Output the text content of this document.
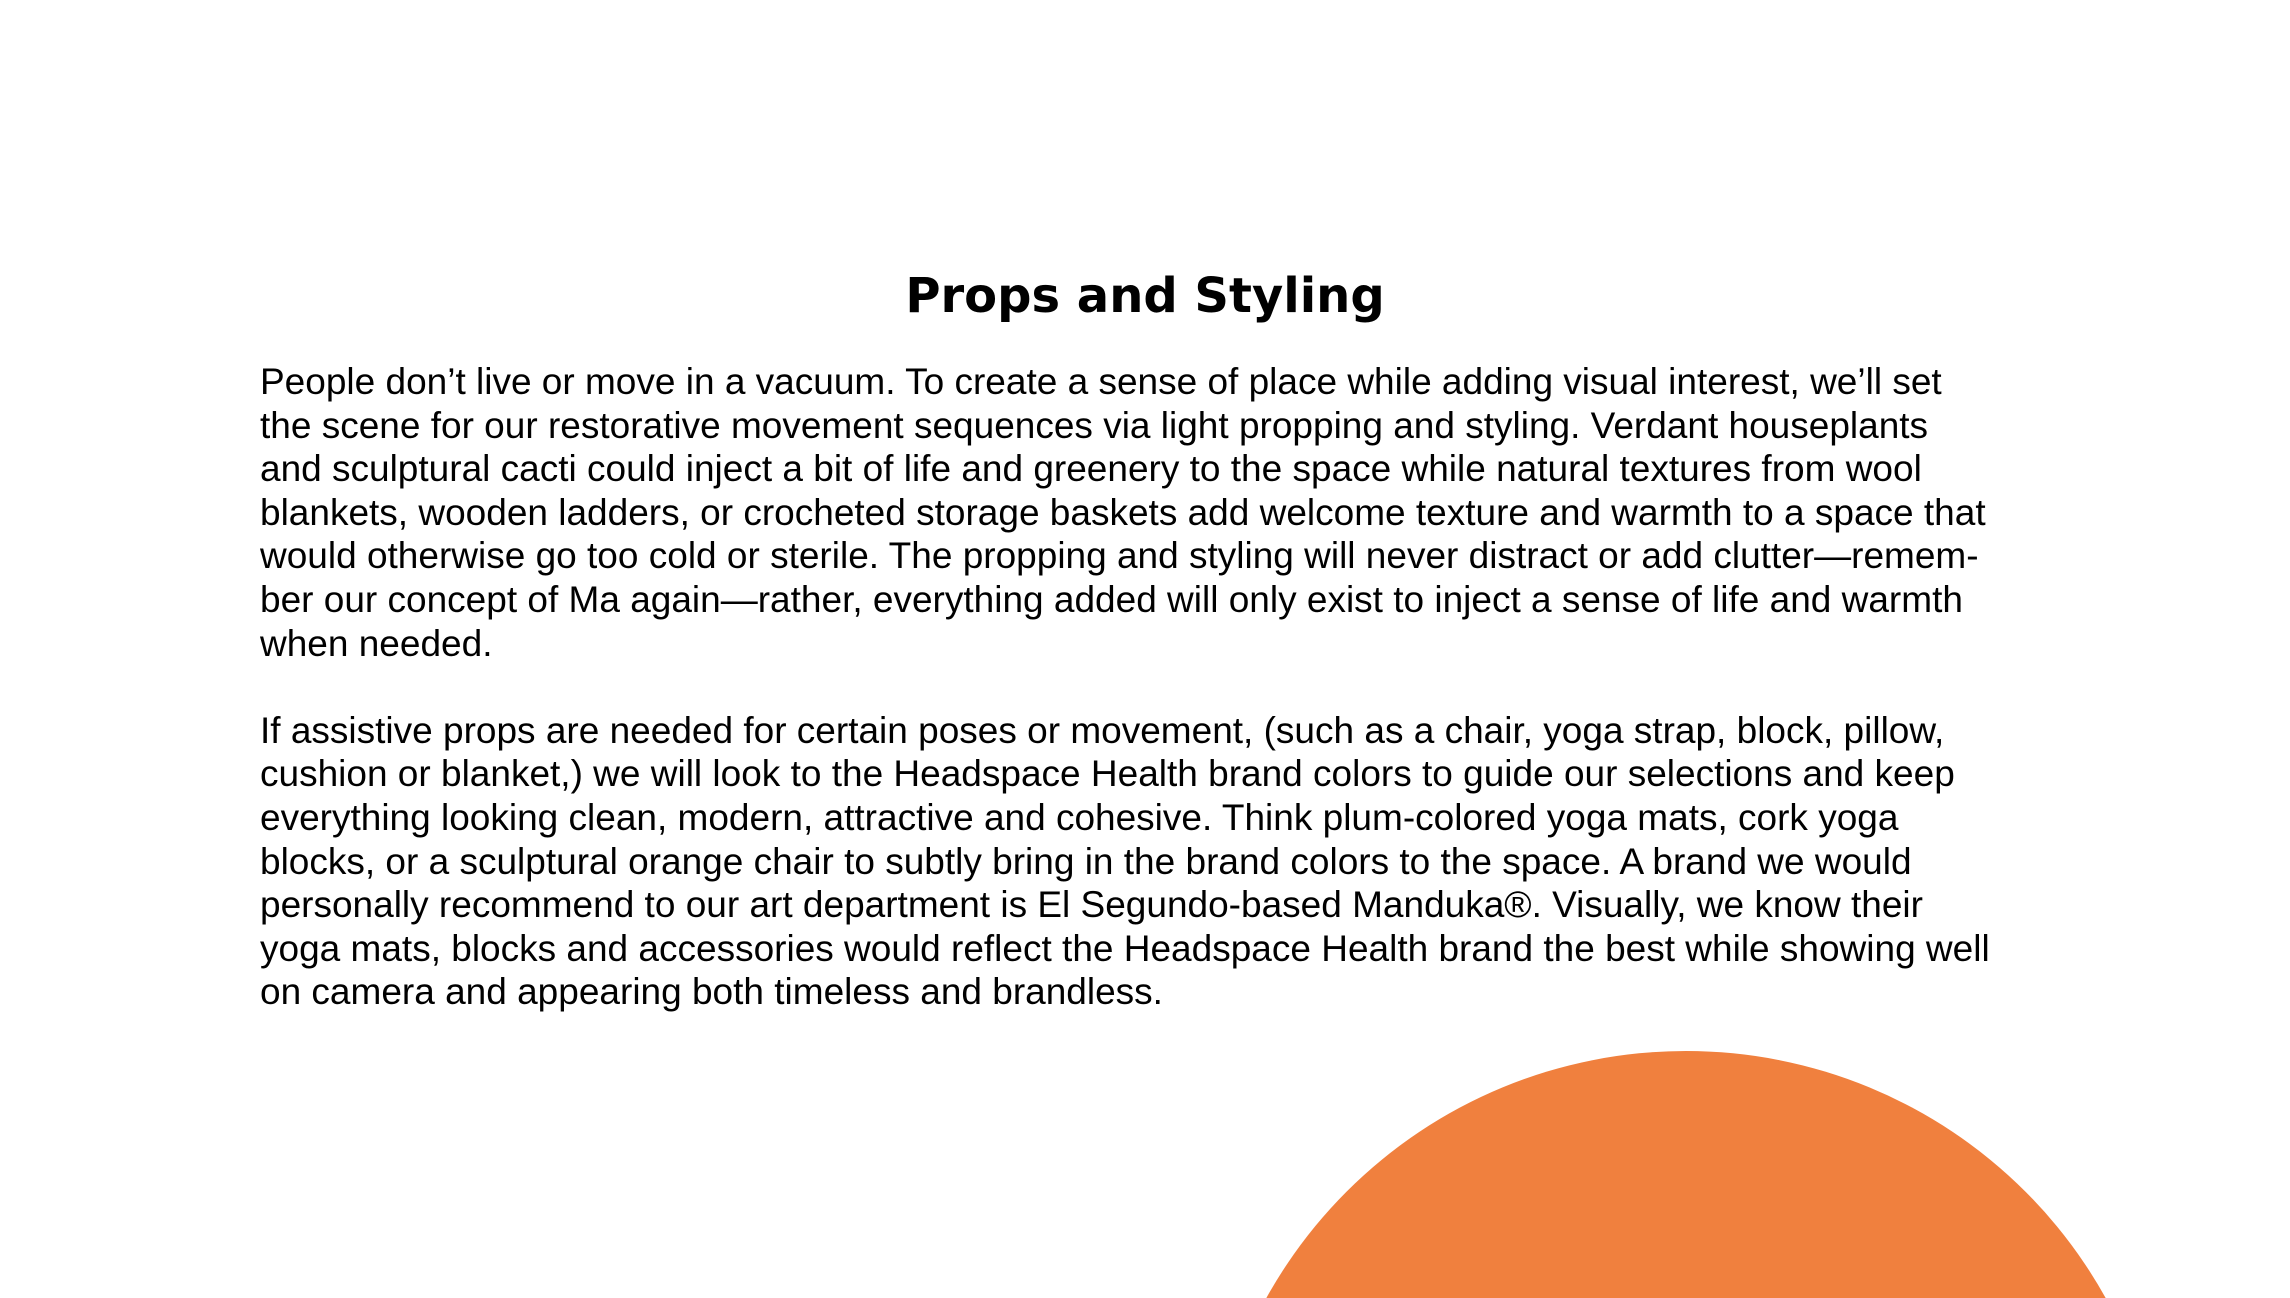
Props and Styling

People don’t live or move in a vacuum. To create a sense of place while adding visual interest, we’ll set
the scene for our restorative movement sequences via light propping and styling. Verdant houseplants
and sculptural cacti could inject a bit of life and greenery to the space while natural textures from wool
blankets, wooden ladders, or crocheted storage baskets add welcome texture and warmth to a space that
would otherwise go too cold or sterile. The propping and styling will never distract or add clutter—remem-
ber our concept of Ma again—rather, everything added will only exist to inject a sense of life and warmth
when needed.

If assistive props are needed for certain poses or movement, (such as a chair, yoga strap, block, pillow,
cushion or blanket,) we will look to the Headspace Health brand colors to guide our selections and keep
everything looking clean, modern, attractive and cohesive. Think plum-colored yoga mats, cork yoga
blocks, or a sculptural orange chair to subtly bring in the brand colors to the space. A brand we would
personally recommend to our art department is El Segundo-based Manduka®. Visually, we know their
yoga mats, blocks and accessories would reflect the Headspace Health brand the best while showing well
on camera and appearing both timeless and brandless.
